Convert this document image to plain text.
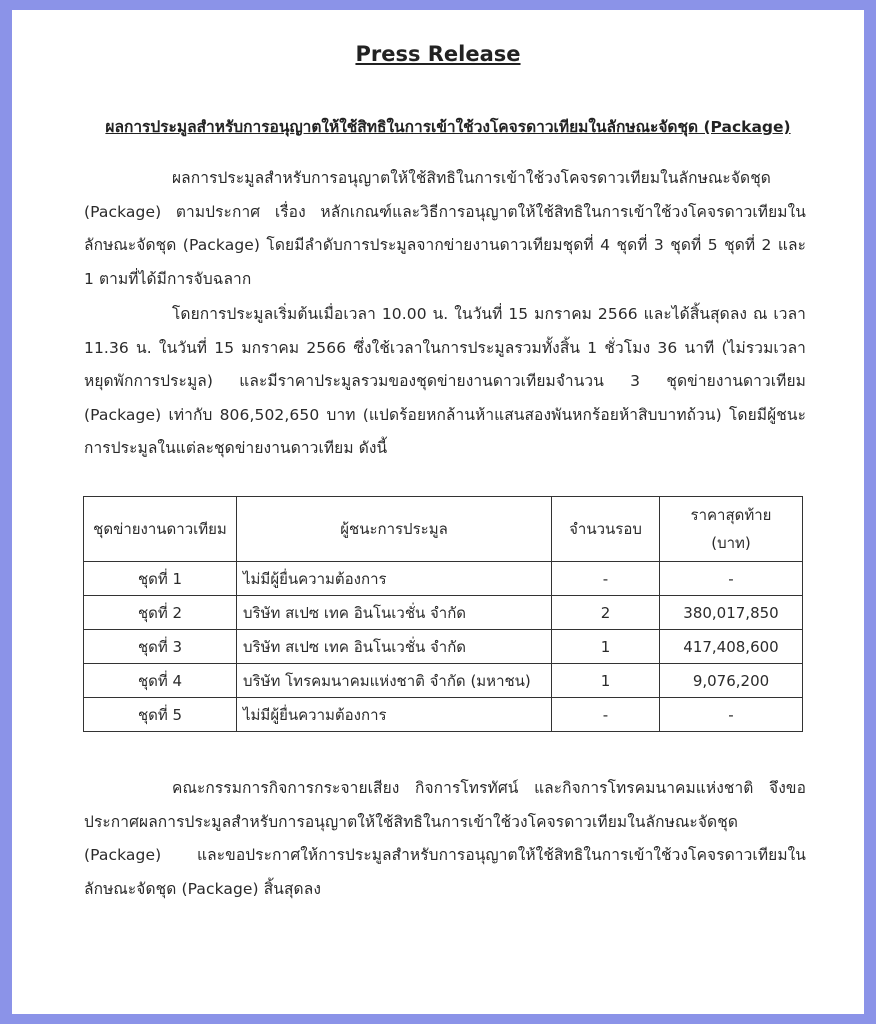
Press Release
ผลการประมูลสำหรับการอนุญาตให้ใช้สิทธิในการเข้าใช้วงโคจรดาวเทียมในลักษณะจัดชุด (Package)

ผลการประมูลสำหรับการอนุญาตให้ใช้สิทธิในการเข้าใช้วงโคจรดาวเทียมในลักษณะจัดชุด (Package) ตามประกาศ เรื่อง หลักเกณฑ์และวิธีการอนุญาตให้ใช้สิทธิในการเข้าใช้วงโคจรดาวเทียมในลักษณะจัดชุด (Package) โดยมีลำดับการประมูลจากข่ายงานดาวเทียมชุดที่ 4 ชุดที่ 3 ชุดที่ 5 ชุดที่ 2 และ 1 ตามที่ได้มีการจับฉลาก

โดยการประมูลเริ่มต้นเมื่อเวลา 10.00 น. ในวันที่ 15 มกราคม 2566 และได้สิ้นสุดลง ณ เวลา 11.36 น. ในวันที่ 15 มกราคม 2566 ซึ่งใช้เวลาในการประมูลรวมทั้งสิ้น 1 ชั่วโมง 36 นาที (ไม่รวมเวลาหยุดพักการประมูล) และมีราคาประมูลรวมของชุดข่ายงานดาวเทียมจำนวน 3 ชุดข่ายงานดาวเทียม (Package) เท่ากับ 806,502,650 บาท (แปดร้อยหกล้านห้าแสนสองพันหกร้อยห้าสิบบาทถ้วน) โดยมีผู้ชนะการประมูลในแต่ละชุดข่ายงานดาวเทียม ดังนี้

ชุดข่ายงานดาวเทียม	ผู้ชนะการประมูล	จำนวนรอบ	ราคาสุดท้าย
(บาท)
ชุดที่ 1	ไม่มีผู้ยื่นความต้องการ	-	-
ชุดที่ 2	บริษัท สเปซ เทค อินโนเวชั่น จำกัด	2	380,017,850
ชุดที่ 3	บริษัท สเปซ เทค อินโนเวชั่น จำกัด	1	417,408,600
ชุดที่ 4	บริษัท โทรคมนาคมแห่งชาติ จำกัด (มหาชน)	1	9,076,200
ชุดที่ 5	ไม่มีผู้ยื่นความต้องการ	-	-

คณะกรรมการกิจการกระจายเสียง กิจการโทรทัศน์ และกิจการโทรคมนาคมแห่งชาติ จึงขอประกาศผลการประมูลสำหรับการอนุญาตให้ใช้สิทธิในการเข้าใช้วงโคจรดาวเทียมในลักษณะจัดชุด (Package) และขอประกาศให้การประมูลสำหรับการอนุญาตให้ใช้สิทธิในการเข้าใช้วงโคจรดาวเทียมในลักษณะจัดชุด (Package) สิ้นสุดลง
